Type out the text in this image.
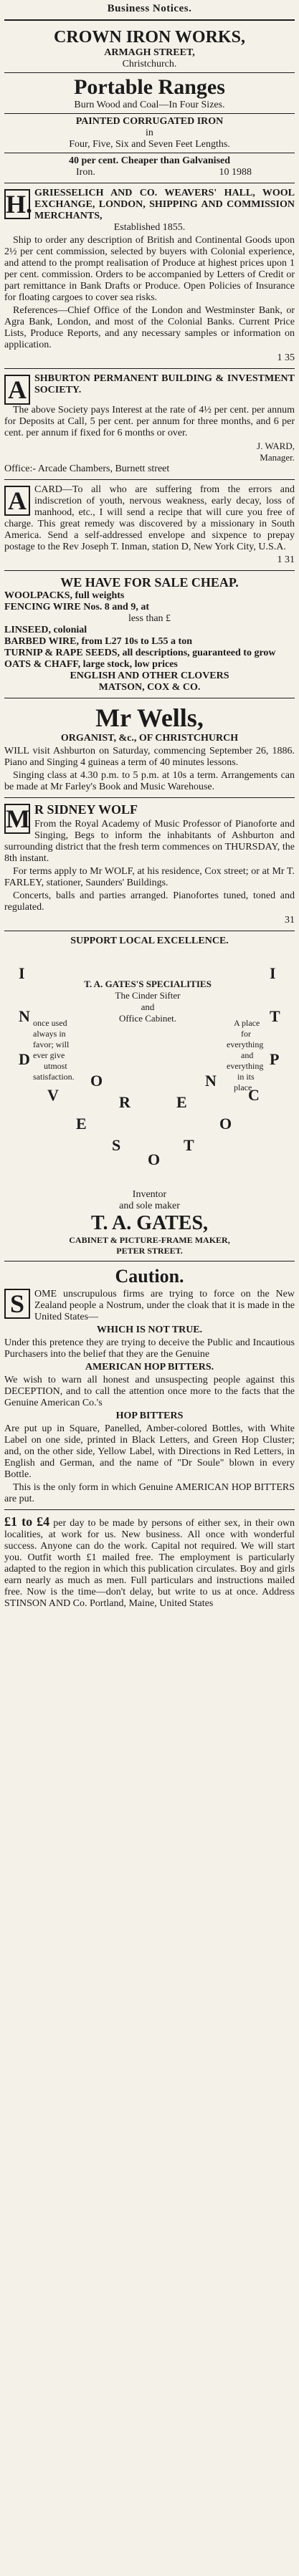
Business Notices.
CROWN IRON WORKS,
ARMAGH STREET,
Christchurch.
Portable Ranges
Burn Wood and Coal—In Four Sizes.
PAINTED CORRUGATED IRON
in
Four, Five, Six and Seven Feet Lengths.
40 per cent. Cheaper than Galvanised
Iron.	10 1988
H. GRIESSELICH AND CO. WEAVERS' HALL, WOOL EXCHANGE, LONDON, SHIPPING AND COMMISSION MERCHANTS,
Established 1855.

Ship to order any description of British and Continental Goods upon 2½ per cent commission, selected by buyers with Colonial experience, and attend to the prompt realisation of Produce at highest prices upon 1 per cent. commission. Orders to be accompanied by Letters of Credit or part remittance in Bank Drafts or Produce. Open Policies of Insurance for floating cargoes to cover sea risks.

References—Chief Office of the London and Westminster Bank, or Agra Bank, London, and most of the Colonial Banks. Current Price Lists, Produce Reports, and any necessary samples or information on application.

1 35
A SHBURTON PERMANENT BUILDING & INVESTMENT SOCIETY.

The above Society pays Interest at the rate of 4½ per cent. per annum for Deposits at Call, 5 per cent. per annum for three months, and 6 per cent. per annum if fixed for 6 months or over.

J. WARD,
Manager.
Office:- Arcade Chambers, Burnett street
A CARD—To all who are suffering from the errors and indiscretion of youth, nervous weakness, early decay, loss of manhood, etc., I will send a recipe that will cure you free of charge. This great remedy was discovered by a missionary in South America. Send a self-addressed envelope and sixpence to prepay postage to the Rev Joseph T. Inman, station D, New York City, U.S.A.

1 31
WE HAVE FOR SALE CHEAP.

WOOLPACKS, full weights

FENCING WIRE Nos. 8 and 9, at

less than £

LINSEED, colonial

BARBED WIRE, from L27 10s to L55 a ton

TURNIP & RAPE SEEDS, all descriptions, guaranteed to grow

OATS & CHAFF, large stock, low prices

ENGLISH AND OTHER CLOVERS

MATSON, COX & CO.

Mr Wells,
ORGANIST, &c., OF CHRISTCHURCH

WILL visit Ashburton on Saturday, commencing September 26, 1886. Piano and Singing 4 guineas a term of 40 minutes lessons.

Singing class at 4.30 p.m. to 5 p.m. at 10s a term. Arrangements can be made at Mr Farley's Book and Music Warehouse.

M R SIDNEY WOLF

From the Royal Academy of Music Professor of Pianoforte and Singing, Begs to inform the inhabitants of Ashburton and surrounding district that the fresh term commences on THURSDAY, the 8th instant.

For terms apply to Mr WOLF, at his residence, Cox street; or at Mr T. FARLEY, stationer, Saunders' Buildings.

Concerts, balls and parties arranged. Pianofortes tuned, toned and regulated.

31
SUPPORT LOCAL EXCELLENCE.
T. A. GATES'S SPECIALITIES
The Cinder Sifter
and
Office Cabinet.
I
N
D
V
E
S
O
T
O
C
P
T
I
O	N
R	E
once used
always in
favor; will
ever give
utmost
satisfaction.
A place
for
everything
and
everything
in its
place
Inventor
and sole maker
T. A. GATES,
CABINET & PICTURE-FRAME MAKER,
PETER STREET.
Caution.
S OME unscrupulous firms are trying to force on the New Zealand people a Nostrum, under the cloak that it is made in the United States—

WHICH IS NOT TRUE.

Under this pretence they are trying to deceive the Public and Incautious Purchasers into the belief that they are the Genuine

AMERICAN HOP BITTERS.

We wish to warn all honest and unsuspecting people against this DECEPTION, and to call the attention once more to the facts that the Genuine American Co.'s

HOP BITTERS

Are put up in Square, Panelled, Amber-colored Bottles, with White Label on one side, printed in Black Letters, and Green Hop Cluster; and, on the other side, Yellow Label, with Directions in Red Letters, in English and German, and the name of "Dr Soule" blown in every Bottle.

This is the only form in which Genuine AMERICAN HOP BITTERS are put.

£1 to £4 per day to be made by persons of either sex, in their own localities, at work for us. New business. All once with wonderful success. Anyone can do the work. Capital not required. We will start you. Outfit worth £1 mailed free. The employment is particularly adapted to the region in which this publication circulates. Boy and girls earn nearly as much as men. Full particulars and instructions mailed free. Now is the time—don't delay, but write to us at once. Address STINSON AND Co. Portland, Maine, United States
